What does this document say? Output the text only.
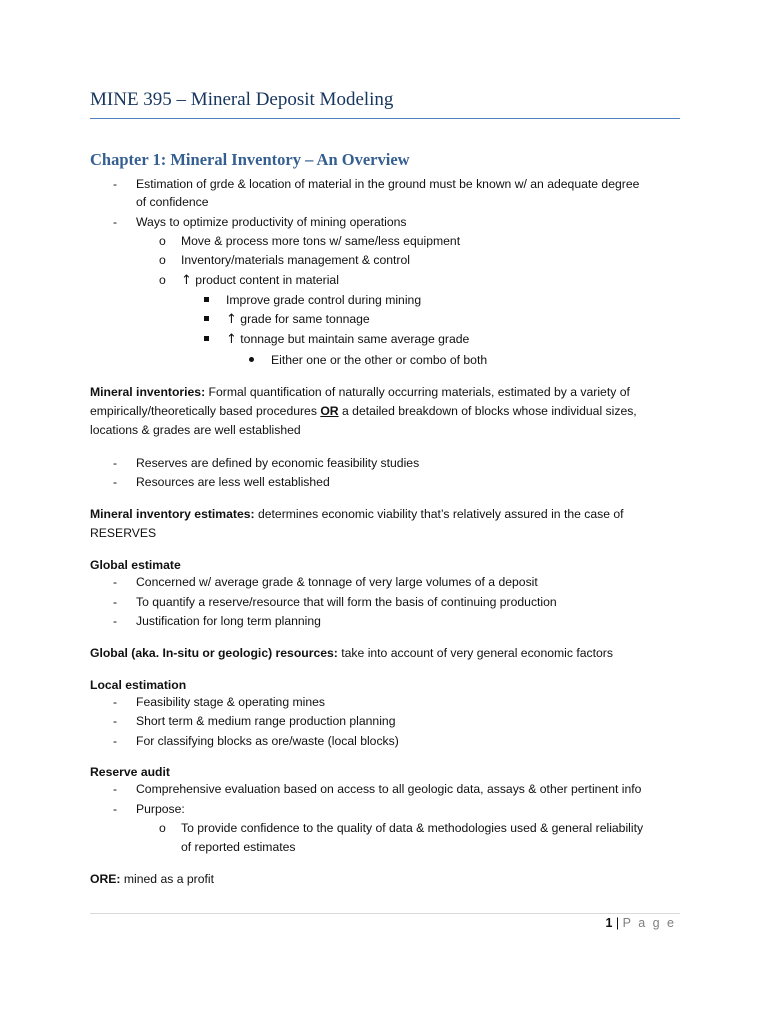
MINE 395 – Mineral Deposit Modeling
Chapter 1: Mineral Inventory – An Overview
- Estimation of grde & location of material in the ground must be known w/ an adequate degree
of confidence
- Ways to optimize productivity of mining operations
o Move & process more tons w/ same/less equipment
o Inventory/materials management & control
o ↑ product content in material
Improve grade control during mining
↑ grade for same tonnage
↑ tonnage but maintain same average grade
Either one or the other or combo of both
Mineral inventories: Formal quantification of naturally occurring materials, estimated by a variety of
empirically/theoretically based procedures OR a detailed breakdown of blocks whose individual sizes,
locations & grades are well established
- Reserves are defined by economic feasibility studies
- Resources are less well established
Mineral inventory estimates: determines economic viability that’s relatively assured in the case of
RESERVES
Global estimate
- Concerned w/ average grade & tonnage of very large volumes of a deposit
- To quantify a reserve/resource that will form the basis of continuing production
- Justification for long term planning
Global (aka. In-situ or geologic) resources: take into account of very general economic factors
Local estimation
- Feasibility stage & operating mines
- Short term & medium range production planning
- For classifying blocks as ore/waste (local blocks)
Reserve audit
- Comprehensive evaluation based on access to all geologic data, assays & other pertinent info
- Purpose:
o To provide confidence to the quality of data & methodologies used & general reliability
of reported estimates
ORE: mined as a profit
1 | P a g e
